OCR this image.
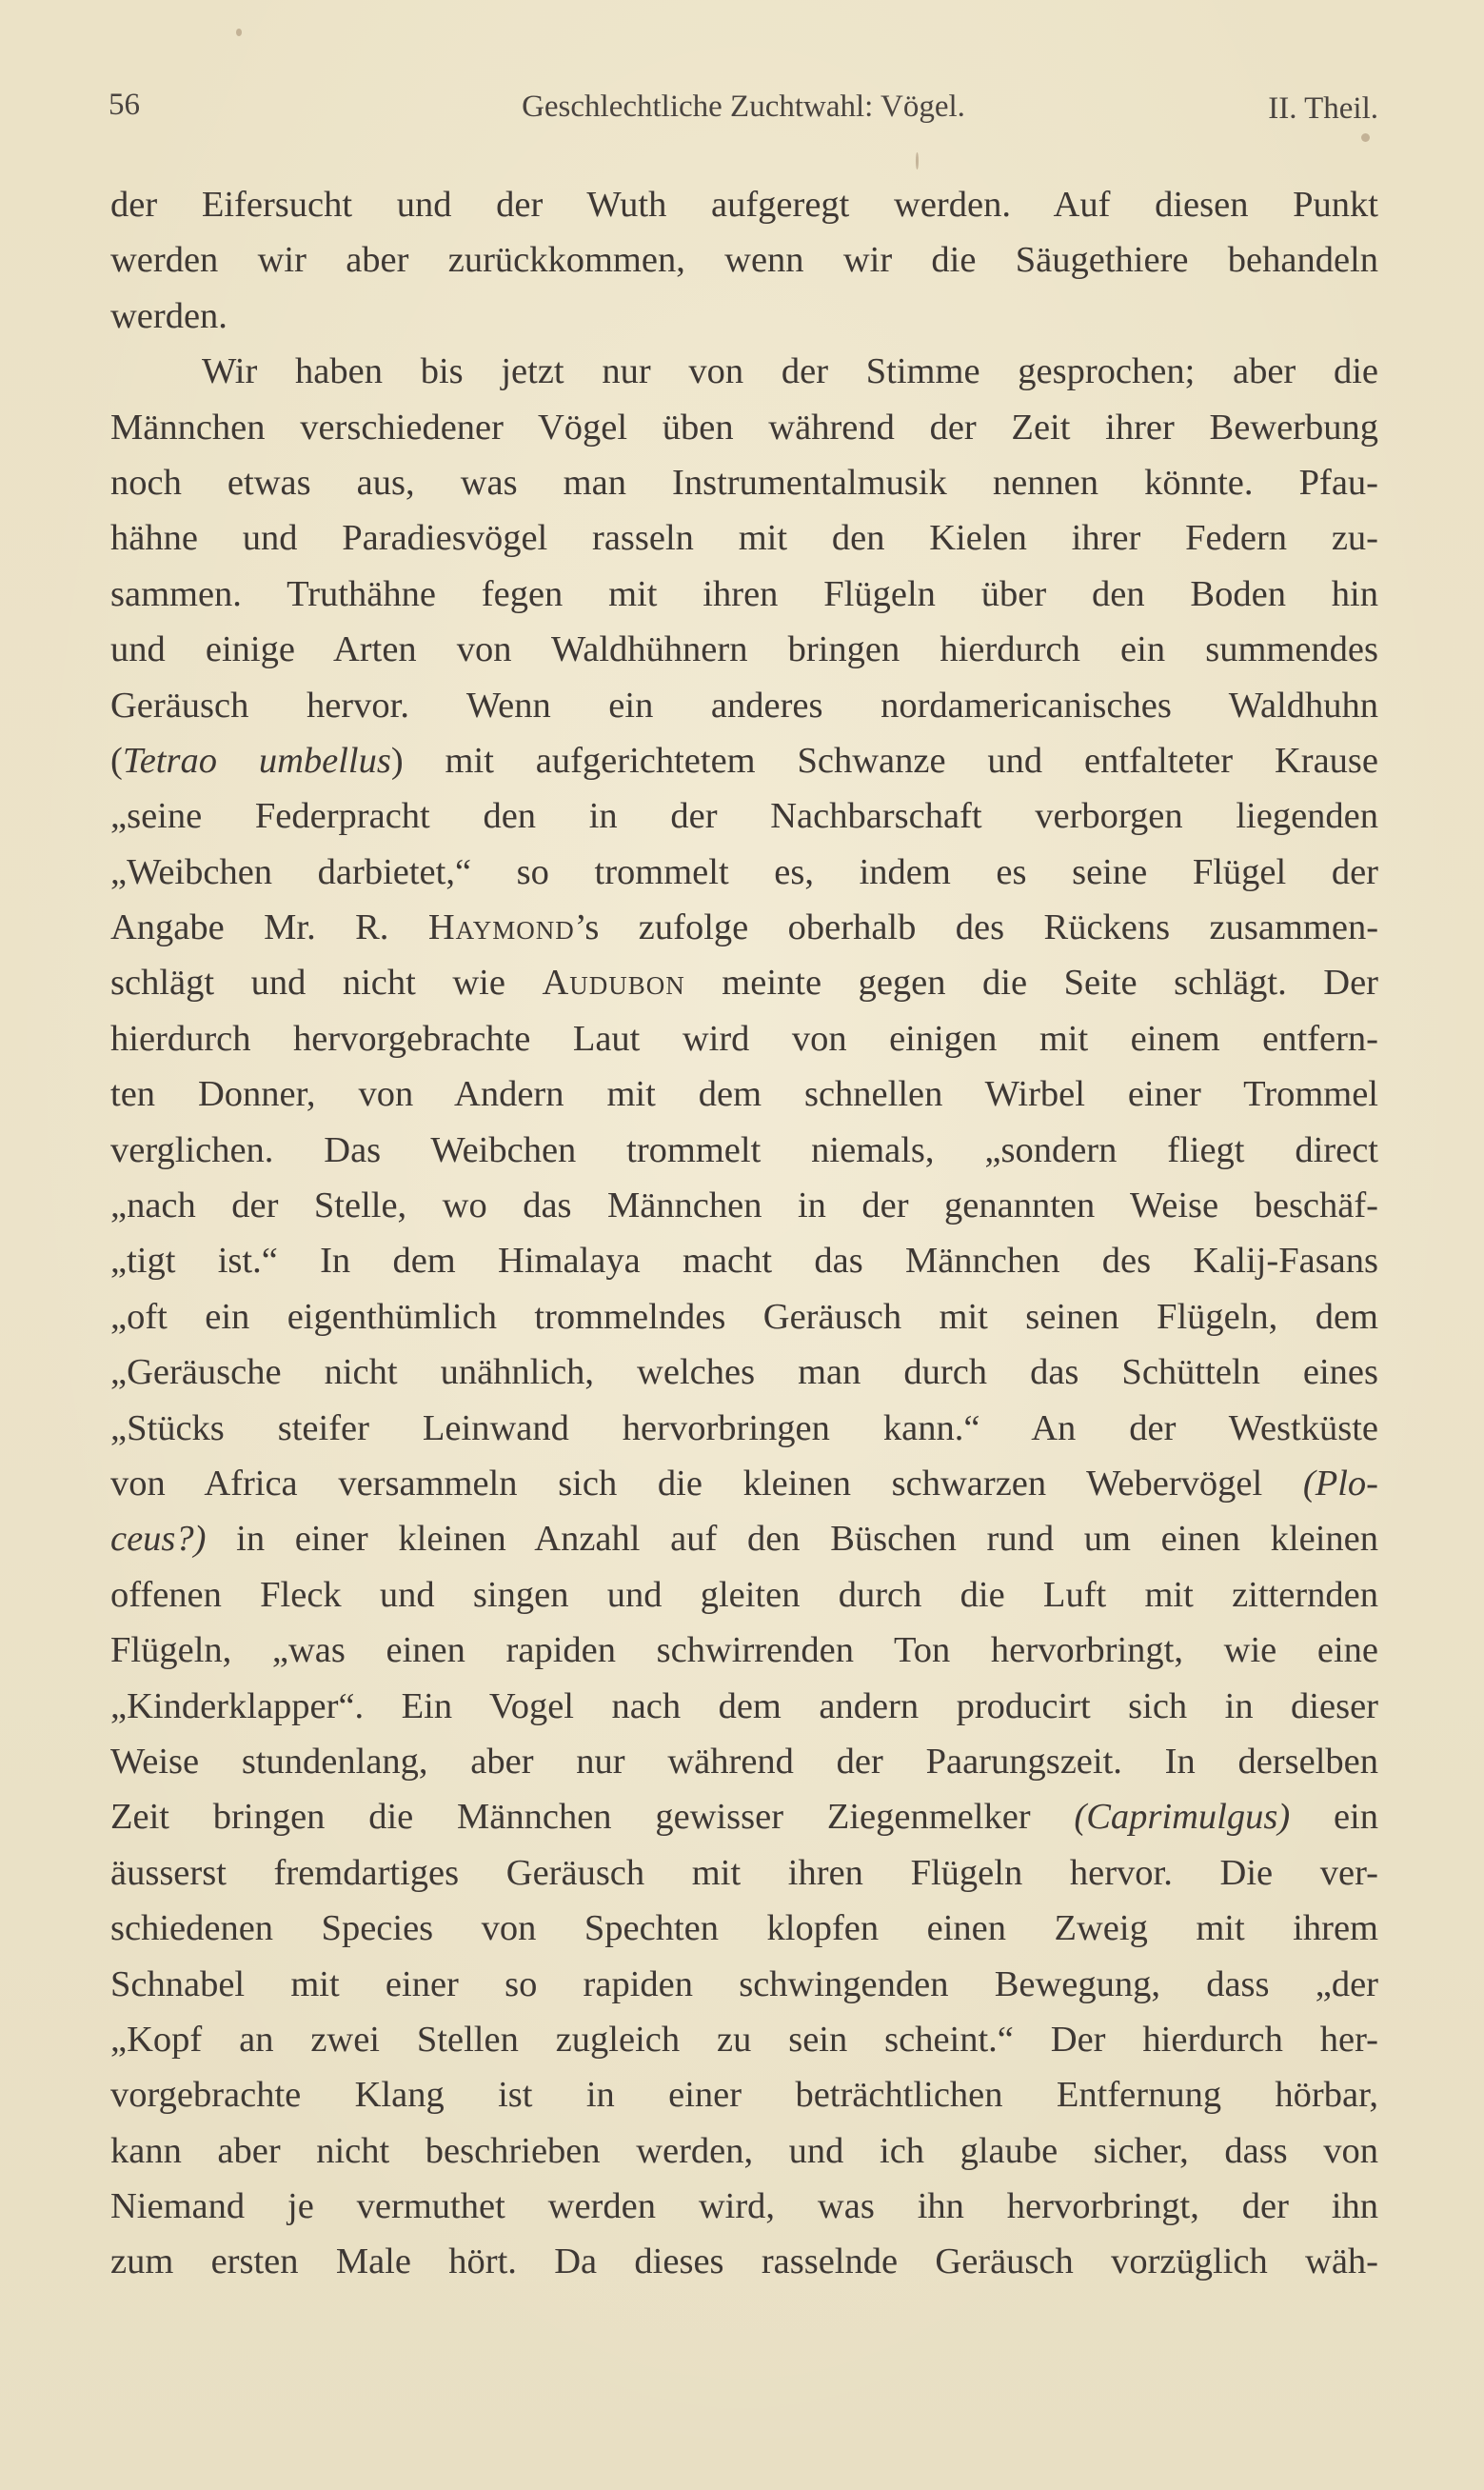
56	Geschlechtliche Zuchtwahl: Vögel.	II. Theil.
der Eifersucht und der Wuth aufgeregt werden. Auf diesen Punkt
werden wir aber zurückkommen, wenn wir die Säugethiere behandeln
werden.
Wir haben bis jetzt nur von der Stimme gesprochen; aber die
Männchen verschiedener Vögel üben während der Zeit ihrer Bewerbung
noch etwas aus, was man Instrumentalmusik nennen könnte. Pfau-
hähne und Paradiesvögel rasseln mit den Kielen ihrer Federn zu-
sammen. Truthähne fegen mit ihren Flügeln über den Boden hin
und einige Arten von Waldhühnern bringen hierdurch ein summendes
Geräusch hervor. Wenn ein anderes nordamericanisches Waldhuhn
(Tetrao umbellus) mit aufgerichtetem Schwanze und entfalteter Krause
„seine Federpracht den in der Nachbarschaft verborgen liegenden
„Weibchen darbietet,“ so trommelt es, indem es seine Flügel der
Angabe Mr. R. Haymond’s zufolge oberhalb des Rückens zusammen-
schlägt und nicht wie Audubon meinte gegen die Seite schlägt. Der
hierdurch hervorgebrachte Laut wird von einigen mit einem entfern-
ten Donner, von Andern mit dem schnellen Wirbel einer Trommel
verglichen. Das Weibchen trommelt niemals, „sondern fliegt direct
„nach der Stelle, wo das Männchen in der genannten Weise beschäf-
„tigt ist.“ In dem Himalaya macht das Männchen des Kalij-Fasans
„oft ein eigenthümlich trommelndes Geräusch mit seinen Flügeln, dem
„Geräusche nicht unähnlich, welches man durch das Schütteln eines
„Stücks steifer Leinwand hervorbringen kann.“ An der Westküste
von Africa versammeln sich die kleinen schwarzen Webervögel (Plo-
ceus?) in einer kleinen Anzahl auf den Büschen rund um einen kleinen
offenen Fleck und singen und gleiten durch die Luft mit zitternden
Flügeln, „was einen rapiden schwirrenden Ton hervorbringt, wie eine
„Kinderklapper“. Ein Vogel nach dem andern producirt sich in dieser
Weise stundenlang, aber nur während der Paarungszeit. In derselben
Zeit bringen die Männchen gewisser Ziegenmelker (Caprimulgus) ein
äusserst fremdartiges Geräusch mit ihren Flügeln hervor. Die ver-
schiedenen Species von Spechten klopfen einen Zweig mit ihrem
Schnabel mit einer so rapiden schwingenden Bewegung, dass „der
„Kopf an zwei Stellen zugleich zu sein scheint.“ Der hierdurch her-
vorgebrachte Klang ist in einer beträchtlichen Entfernung hörbar,
kann aber nicht beschrieben werden, und ich glaube sicher, dass von
Niemand je vermuthet werden wird, was ihn hervorbringt, der ihn
zum ersten Male hört. Da dieses rasselnde Geräusch vorzüglich wäh-
